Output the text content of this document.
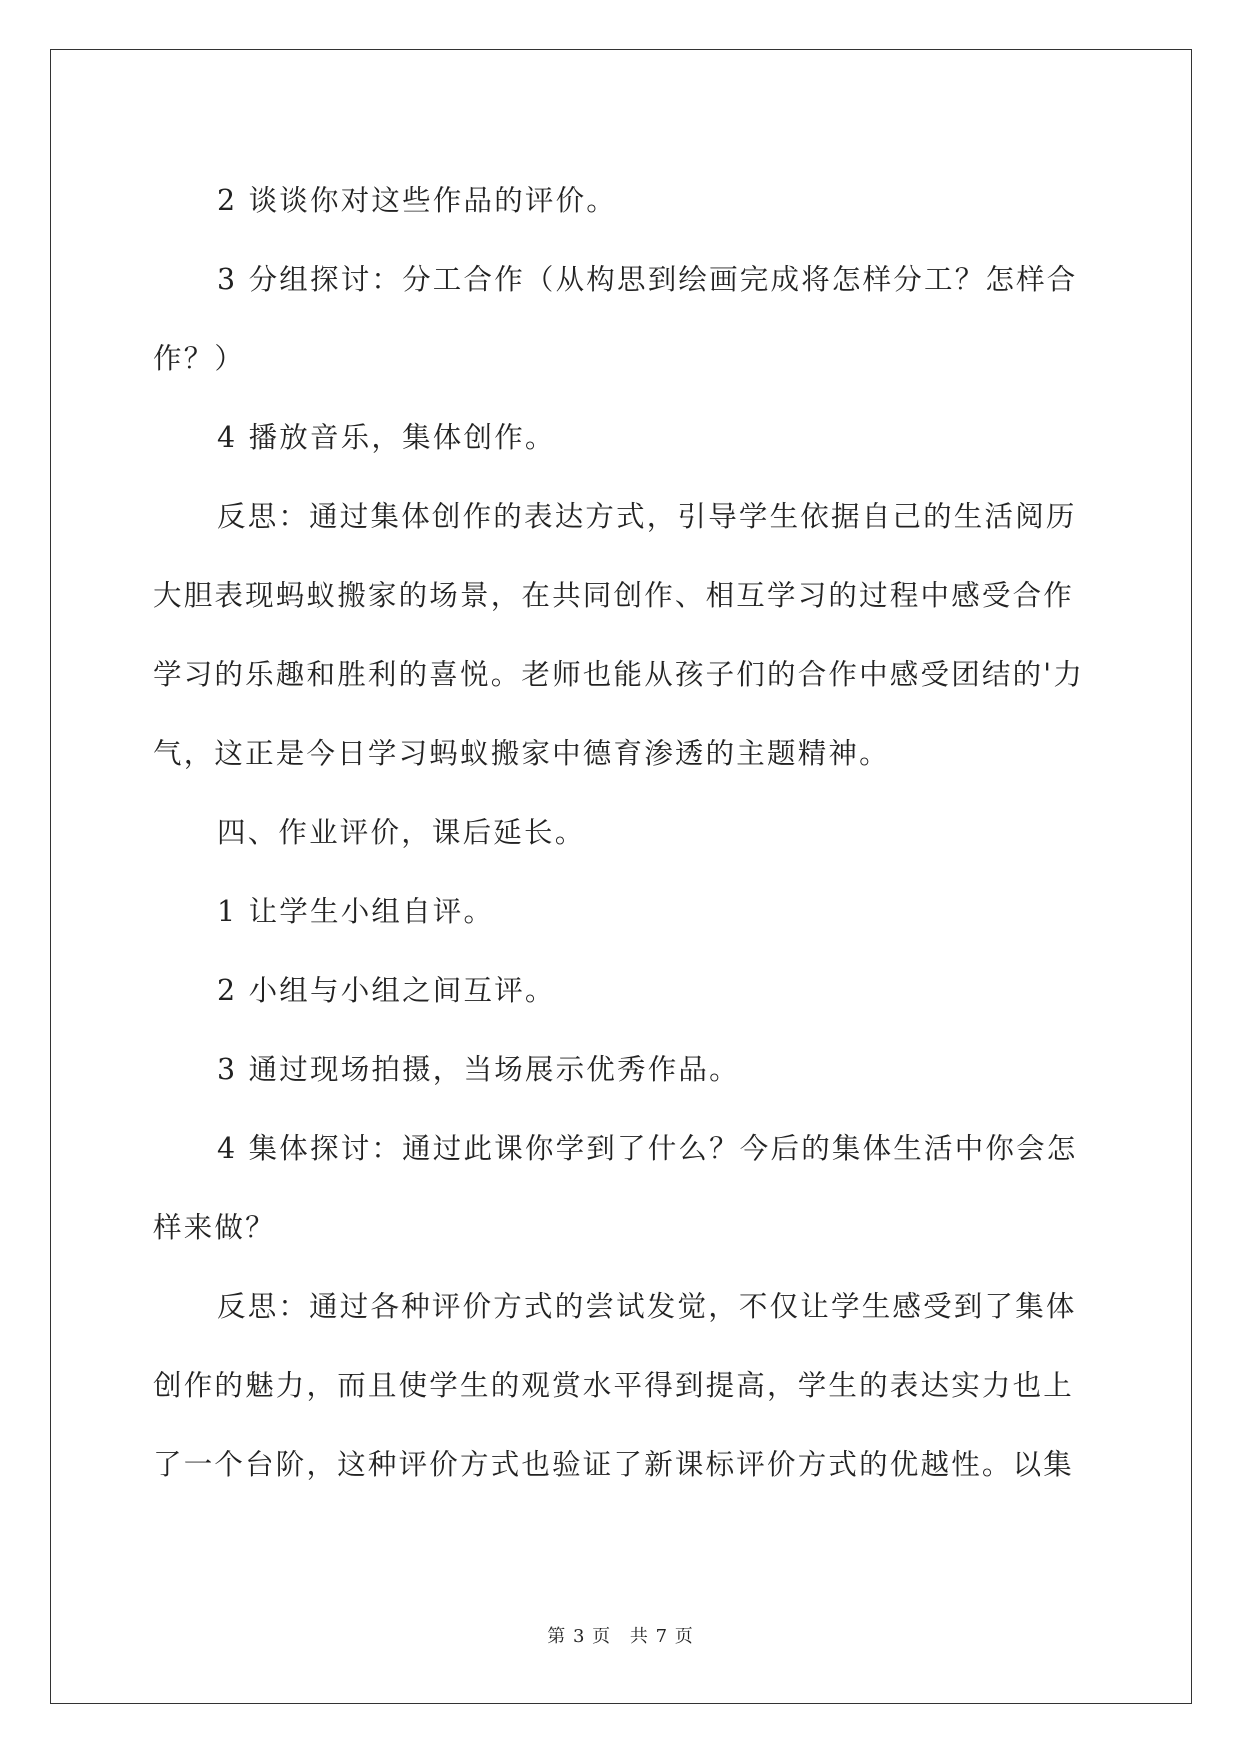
2 谈谈你对这些作品的评价。
3 分组探讨：分工合作（从构思到绘画完成将怎样分工？怎样合
作？）
4 播放音乐，集体创作。
反思：通过集体创作的表达方式，引导学生依据自己的生活阅历
大胆表现蚂蚁搬家的场景，在共同创作、相互学习的过程中感受合作
学习的乐趣和胜利的喜悦。老师也能从孩子们的合作中感受团结的'力
气，这正是今日学习蚂蚁搬家中德育渗透的主题精神。
四、作业评价，课后延长。
1 让学生小组自评。
2 小组与小组之间互评。
3 通过现场拍摄，当场展示优秀作品。
4 集体探讨：通过此课你学到了什么？今后的集体生活中你会怎
样来做？
反思：通过各种评价方式的尝试发觉，不仅让学生感受到了集体
创作的魅力，而且使学生的观赏水平得到提高，学生的表达实力也上
了一个台阶，这种评价方式也验证了新课标评价方式的优越性。以集
第 3 页 共 7 页
